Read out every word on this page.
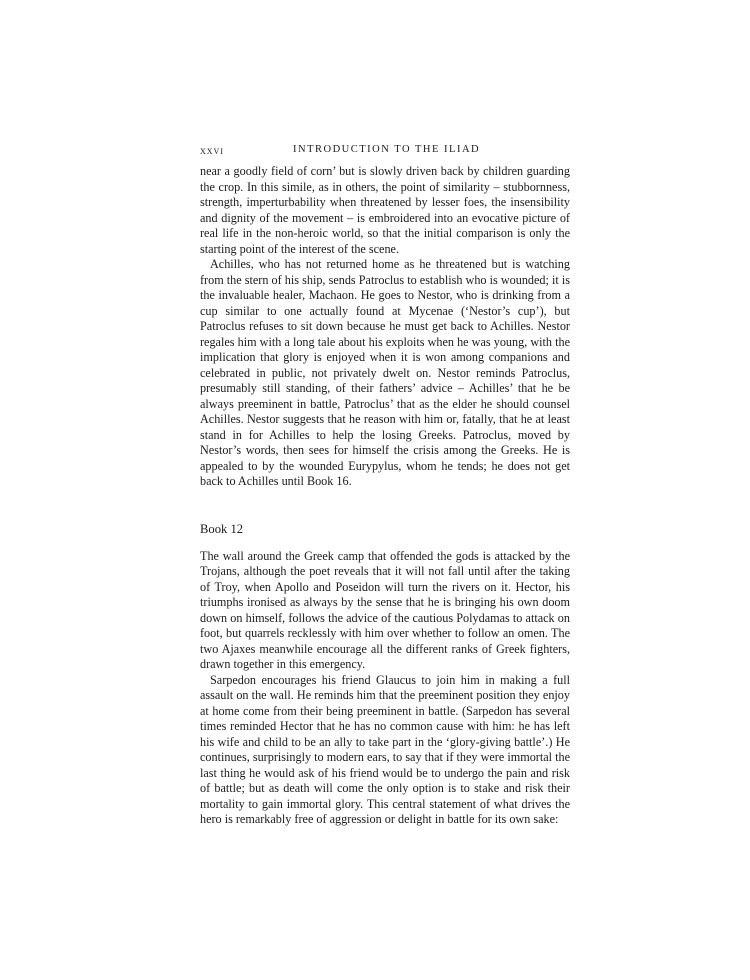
xxvi	INTRODUCTION TO THE ILIAD

near a goodly field of corn’ but is slowly driven back by children guarding the crop. In this simile, as in others, the point of similarity – stubbornness, strength, imperturbability when threatened by lesser foes, the insensibility and dignity of the movement – is embroidered into an evocative picture of real life in the non-heroic world, so that the initial comparison is only the starting point of the interest of the scene.

Achilles, who has not returned home as he threatened but is watching from the stern of his ship, sends Patroclus to establish who is wounded; it is the invaluable healer, Machaon. He goes to Nestor, who is drinking from a cup similar to one actually found at Mycenae (‘Nestor’s cup’), but Patroclus refuses to sit down because he must get back to Achilles. Nestor regales him with a long tale about his exploits when he was young, with the implication that glory is enjoyed when it is won among companions and celebrated in public, not privately dwelt on. Nestor reminds Patroclus, presumably still standing, of their fathers’ advice – Achilles’ that he be always preeminent in battle, Patroclus’ that as the elder he should counsel Achilles. Nestor suggests that he reason with him or, fatally, that he at least stand in for Achilles to help the losing Greeks. Patroclus, moved by Nestor’s words, then sees for himself the crisis among the Greeks. He is appealed to by the wounded Eurypylus, whom he tends; he does not get back to Achilles until Book 16.

Book 12

The wall around the Greek camp that offended the gods is attacked by the Trojans, although the poet reveals that it will not fall until after the taking of Troy, when Apollo and Poseidon will turn the rivers on it. Hector, his triumphs ironised as always by the sense that he is bringing his own doom down on himself, follows the advice of the cautious Polydamas to attack on foot, but quarrels recklessly with him over whether to follow an omen. The two Ajaxes meanwhile encourage all the different ranks of Greek fighters, drawn together in this emergency.

Sarpedon encourages his friend Glaucus to join him in making a full assault on the wall. He reminds him that the preeminent position they enjoy at home come from their being preeminent in battle. (Sarpedon has several times reminded Hector that he has no common cause with him: he has left his wife and child to be an ally to take part in the ‘glory-giving battle’.) He continues, surprisingly to modern ears, to say that if they were immortal the last thing he would ask of his friend would be to undergo the pain and risk of battle; but as death will come the only option is to stake and risk their mortality to gain immortal glory. This central statement of what drives the hero is remarkably free of aggression or delight in battle for its own sake:
